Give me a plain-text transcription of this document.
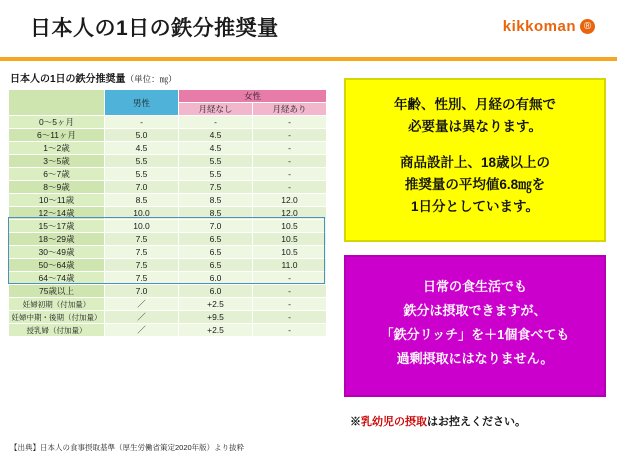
日本人の1日の鉄分推奨量	kikkoman ®
日本人の1日の鉄分推奨量（単位：㎎）
	男性	女性	
		月経なし	月経あり
0～5ヶ月	-	-	-
6～11ヶ月	5.0	4.5	-
1～2歳	4.5	4.5	-
3～5歳	5.5	5.5	-
6～7歳	5.5	5.5	-
8～9歳	7.0	7.5	-
10～11歳	8.5	8.5	12.0
12～14歳	10.0	8.5	12.0
15～17歳	10.0	7.0	10.5
18～29歳	7.5	6.5	10.5
30～49歳	7.5	6.5	10.5
50～64歳	7.5	6.5	11.0
64～74歳	7.5	6.0	-
75歳以上	7.0	6.0	-
妊婦初期（付加量）	／	+2.5	-
妊婦中期・後期（付加量）	／	+9.5	-
授乳婦（付加量）	／	+2.5	-
【出典】日本人の食事摂取基準（厚生労働省策定2020年版）より抜粋
年齢、性別、月経の有無で
必要量は異なります。
商品設計上、18歳以上の
推奨量の平均値6.8㎎を
1日分としています。
日常の食生活でも
鉄分は摂取できますが、
「鉄分リッチ」を＋1個食べても
過剰摂取にはなりません。
※乳幼児の摂取はお控えください。
